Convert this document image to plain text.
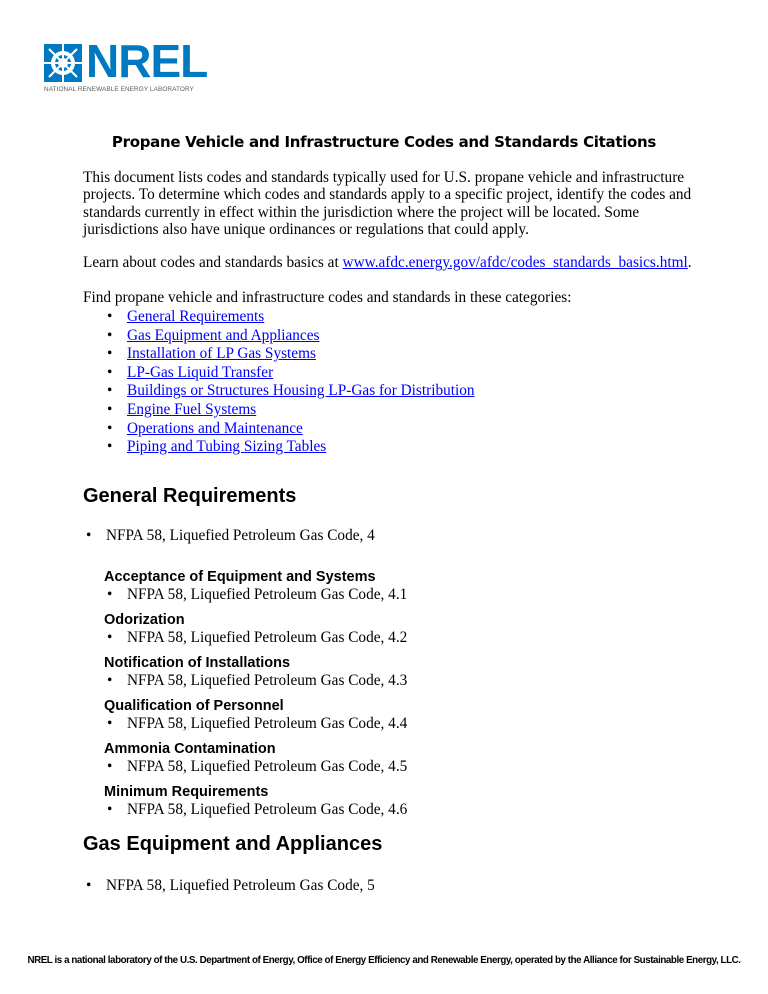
NREL
NATIONAL RENEWABLE ENERGY LABORATORY
Propane Vehicle and Infrastructure Codes and Standards Citations
This document lists codes and standards typically used for U.S. propane vehicle and infrastructure projects. To determine which codes and standards apply to a specific project, identify the codes and standards currently in effect within the jurisdiction where the project will be located. Some jurisdictions also have unique ordinances or regulations that could apply.
Learn about codes and standards basics at www.afdc.energy.gov/afdc/codes_standards_basics.html.
Find propane vehicle and infrastructure codes and standards in these categories:
• General Requirements
• Gas Equipment and Appliances
• Installation of LP Gas Systems
• LP-Gas Liquid Transfer
• Buildings or Structures Housing LP-Gas for Distribution
• Engine Fuel Systems
• Operations and Maintenance
• Piping and Tubing Sizing Tables
General Requirements
• NFPA 58, Liquefied Petroleum Gas Code, 4
Acceptance of Equipment and Systems
• NFPA 58, Liquefied Petroleum Gas Code, 4.1
Odorization
• NFPA 58, Liquefied Petroleum Gas Code, 4.2
Notification of Installations
• NFPA 58, Liquefied Petroleum Gas Code, 4.3
Qualification of Personnel
• NFPA 58, Liquefied Petroleum Gas Code, 4.4
Ammonia Contamination
• NFPA 58, Liquefied Petroleum Gas Code, 4.5
Minimum Requirements
• NFPA 58, Liquefied Petroleum Gas Code, 4.6
Gas Equipment and Appliances
• NFPA 58, Liquefied Petroleum Gas Code, 5
NREL is a national laboratory of the U.S. Department of Energy, Office of Energy Efficiency and Renewable Energy, operated by the Alliance for Sustainable Energy, LLC.
